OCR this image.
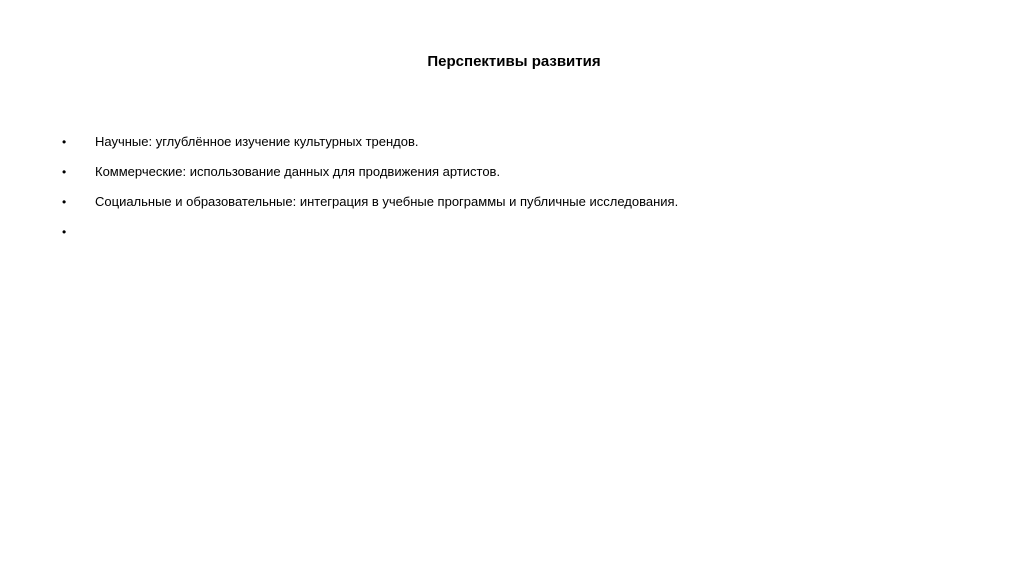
Перспективы развития
• Научные: углублённое изучение культурных трендов.
• Коммерческие: использование данных для продвижения артистов.
• Социальные и образовательные: интеграция в учебные программы и публичные исследования.
•
